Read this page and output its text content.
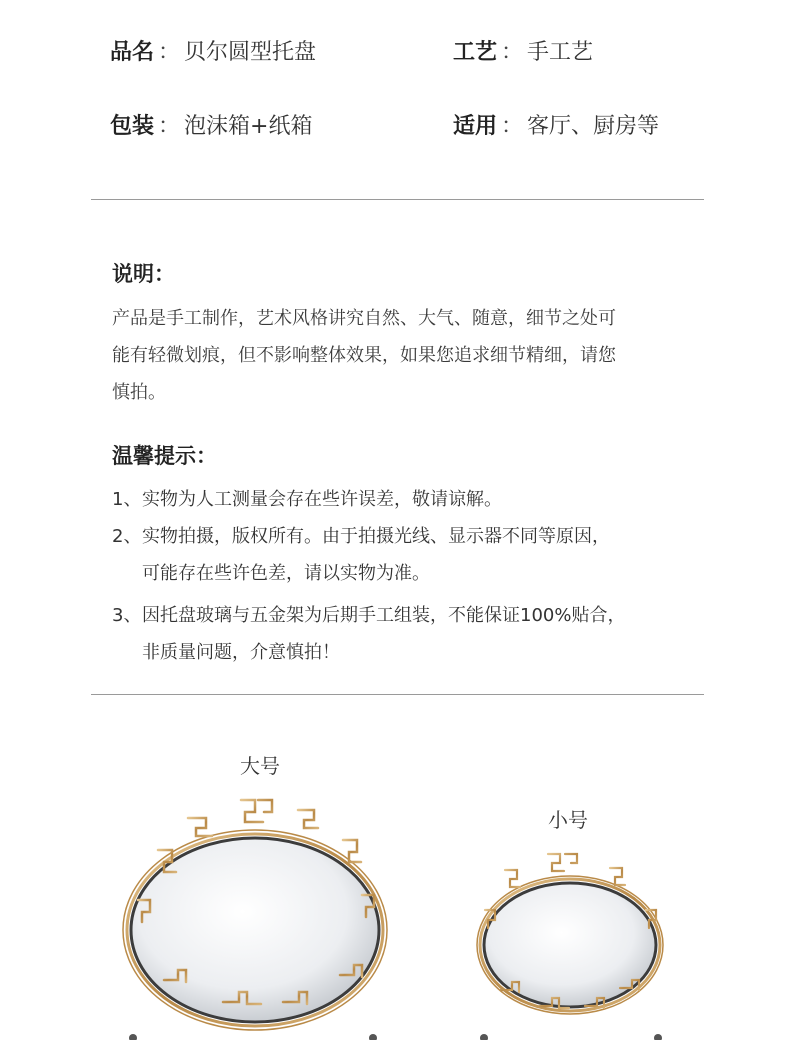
品名 ： 贝尔圆型托盘	工艺 ： 手工艺
包装 ： 泡沫箱+纸箱	适用 ： 客厅、厨房等
说明：
产品是手工制作，艺术风格讲究自然、大气、随意，细节之处可
能有轻微划痕，但不影响整体效果，如果您追求细节精细，请您
慎拍。
温馨提示：
1、实物为人工测量会存在些许误差，敬请谅解。
2、实物拍摄，版权所有。由于拍摄光线、显示器不同等原因，
可能存在些许色差，请以实物为准。
3、因托盘玻璃与五金架为后期手工组装，不能保证100%贴合，
非质量问题，介意慎拍！
大号
小号
